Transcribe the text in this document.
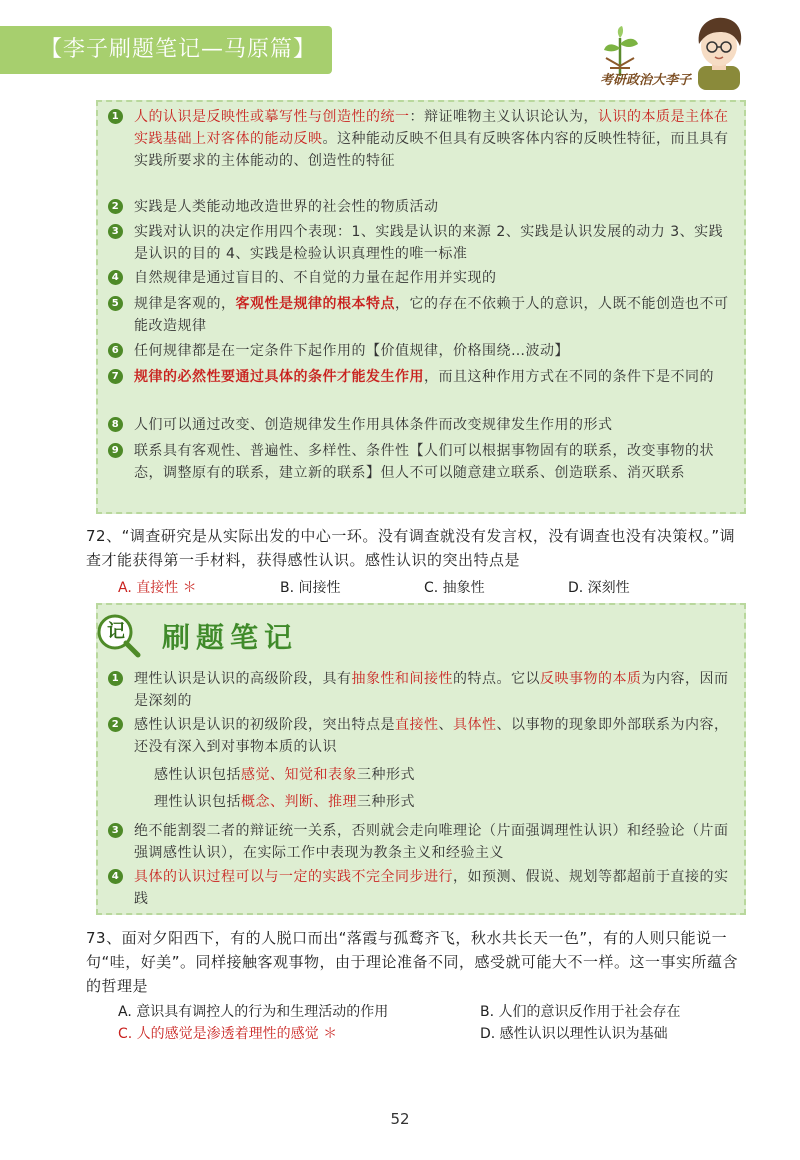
【李子刷题笔记—马原篇】
考研政治大李子
1	人的认识是反映性或摹写性与创造性的统一：辩证唯物主义认识论认为，认识的本质是主体在实践基础上对客体的能动反映。这种能动反映不但具有反映客体内容的反映性特征，而且具有实践所要求的主体能动的、创造性的特征
2	实践是人类能动地改造世界的社会性的物质活动
3	实践对认识的决定作用四个表现：1、实践是认识的来源 2、实践是认识发展的动力 3、实践是认识的目的 4、实践是检验认识真理性的唯一标准
4	自然规律是通过盲目的、不自觉的力量在起作用并实现的
5	规律是客观的，客观性是规律的根本特点，它的存在不依赖于人的意识，人既不能创造也不可能改造规律
6	任何规律都是在一定条件下起作用的【价值规律，价格围绕…波动】
7	规律的必然性要通过具体的条件才能发生作用，而且这种作用方式在不同的条件下是不同的
8	人们可以通过改变、创造规律发生作用具体条件而改变规律发生作用的形式
9	联系具有客观性、普遍性、多样性、条件性【人们可以根据事物固有的联系，改变事物的状态，调整原有的联系，建立新的联系】但人不可以随意建立联系、创造联系、消灭联系
72、“调查研究是从实际出发的中心一环。没有调查就没有发言权，没有调查也没有决策权。”调查才能获得第一手材料，获得感性认识。感性认识的突出特点是
A. 直接性 ＊	B. 间接性	C. 抽象性	D. 深刻性
记 刷题笔记
1	理性认识是认识的高级阶段，具有抽象性和间接性的特点。它以反映事物的本质为内容，因而是深刻的
2	感性认识是认识的初级阶段，突出特点是直接性、具体性、以事物的现象即外部联系为内容，还没有深入到对事物本质的认识
3	绝不能割裂二者的辩证统一关系，否则就会走向唯理论（片面强调理性认识）和经验论（片面强调感性认识），在实际工作中表现为教条主义和经验主义
4	具体的认识过程可以与一定的实践不完全同步进行，如预测、假说、规划等都超前于直接的实践
感性认识包括感觉、知觉和表象三种形式
理性认识包括概念、判断、推理三种形式
73、面对夕阳西下，有的人脱口而出“落霞与孤鹜齐飞，秋水共长天一色”，有的人则只能说一句“哇，好美”。同样接触客观事物，由于理论准备不同，感受就可能大不一样。这一事实所蕴含的哲理是
A. 意识具有调控人的行为和生理活动的作用	B. 人们的意识反作用于社会存在
C. 人的感觉是渗透着理性的感觉 ＊	D. 感性认识以理性认识为基础
52
